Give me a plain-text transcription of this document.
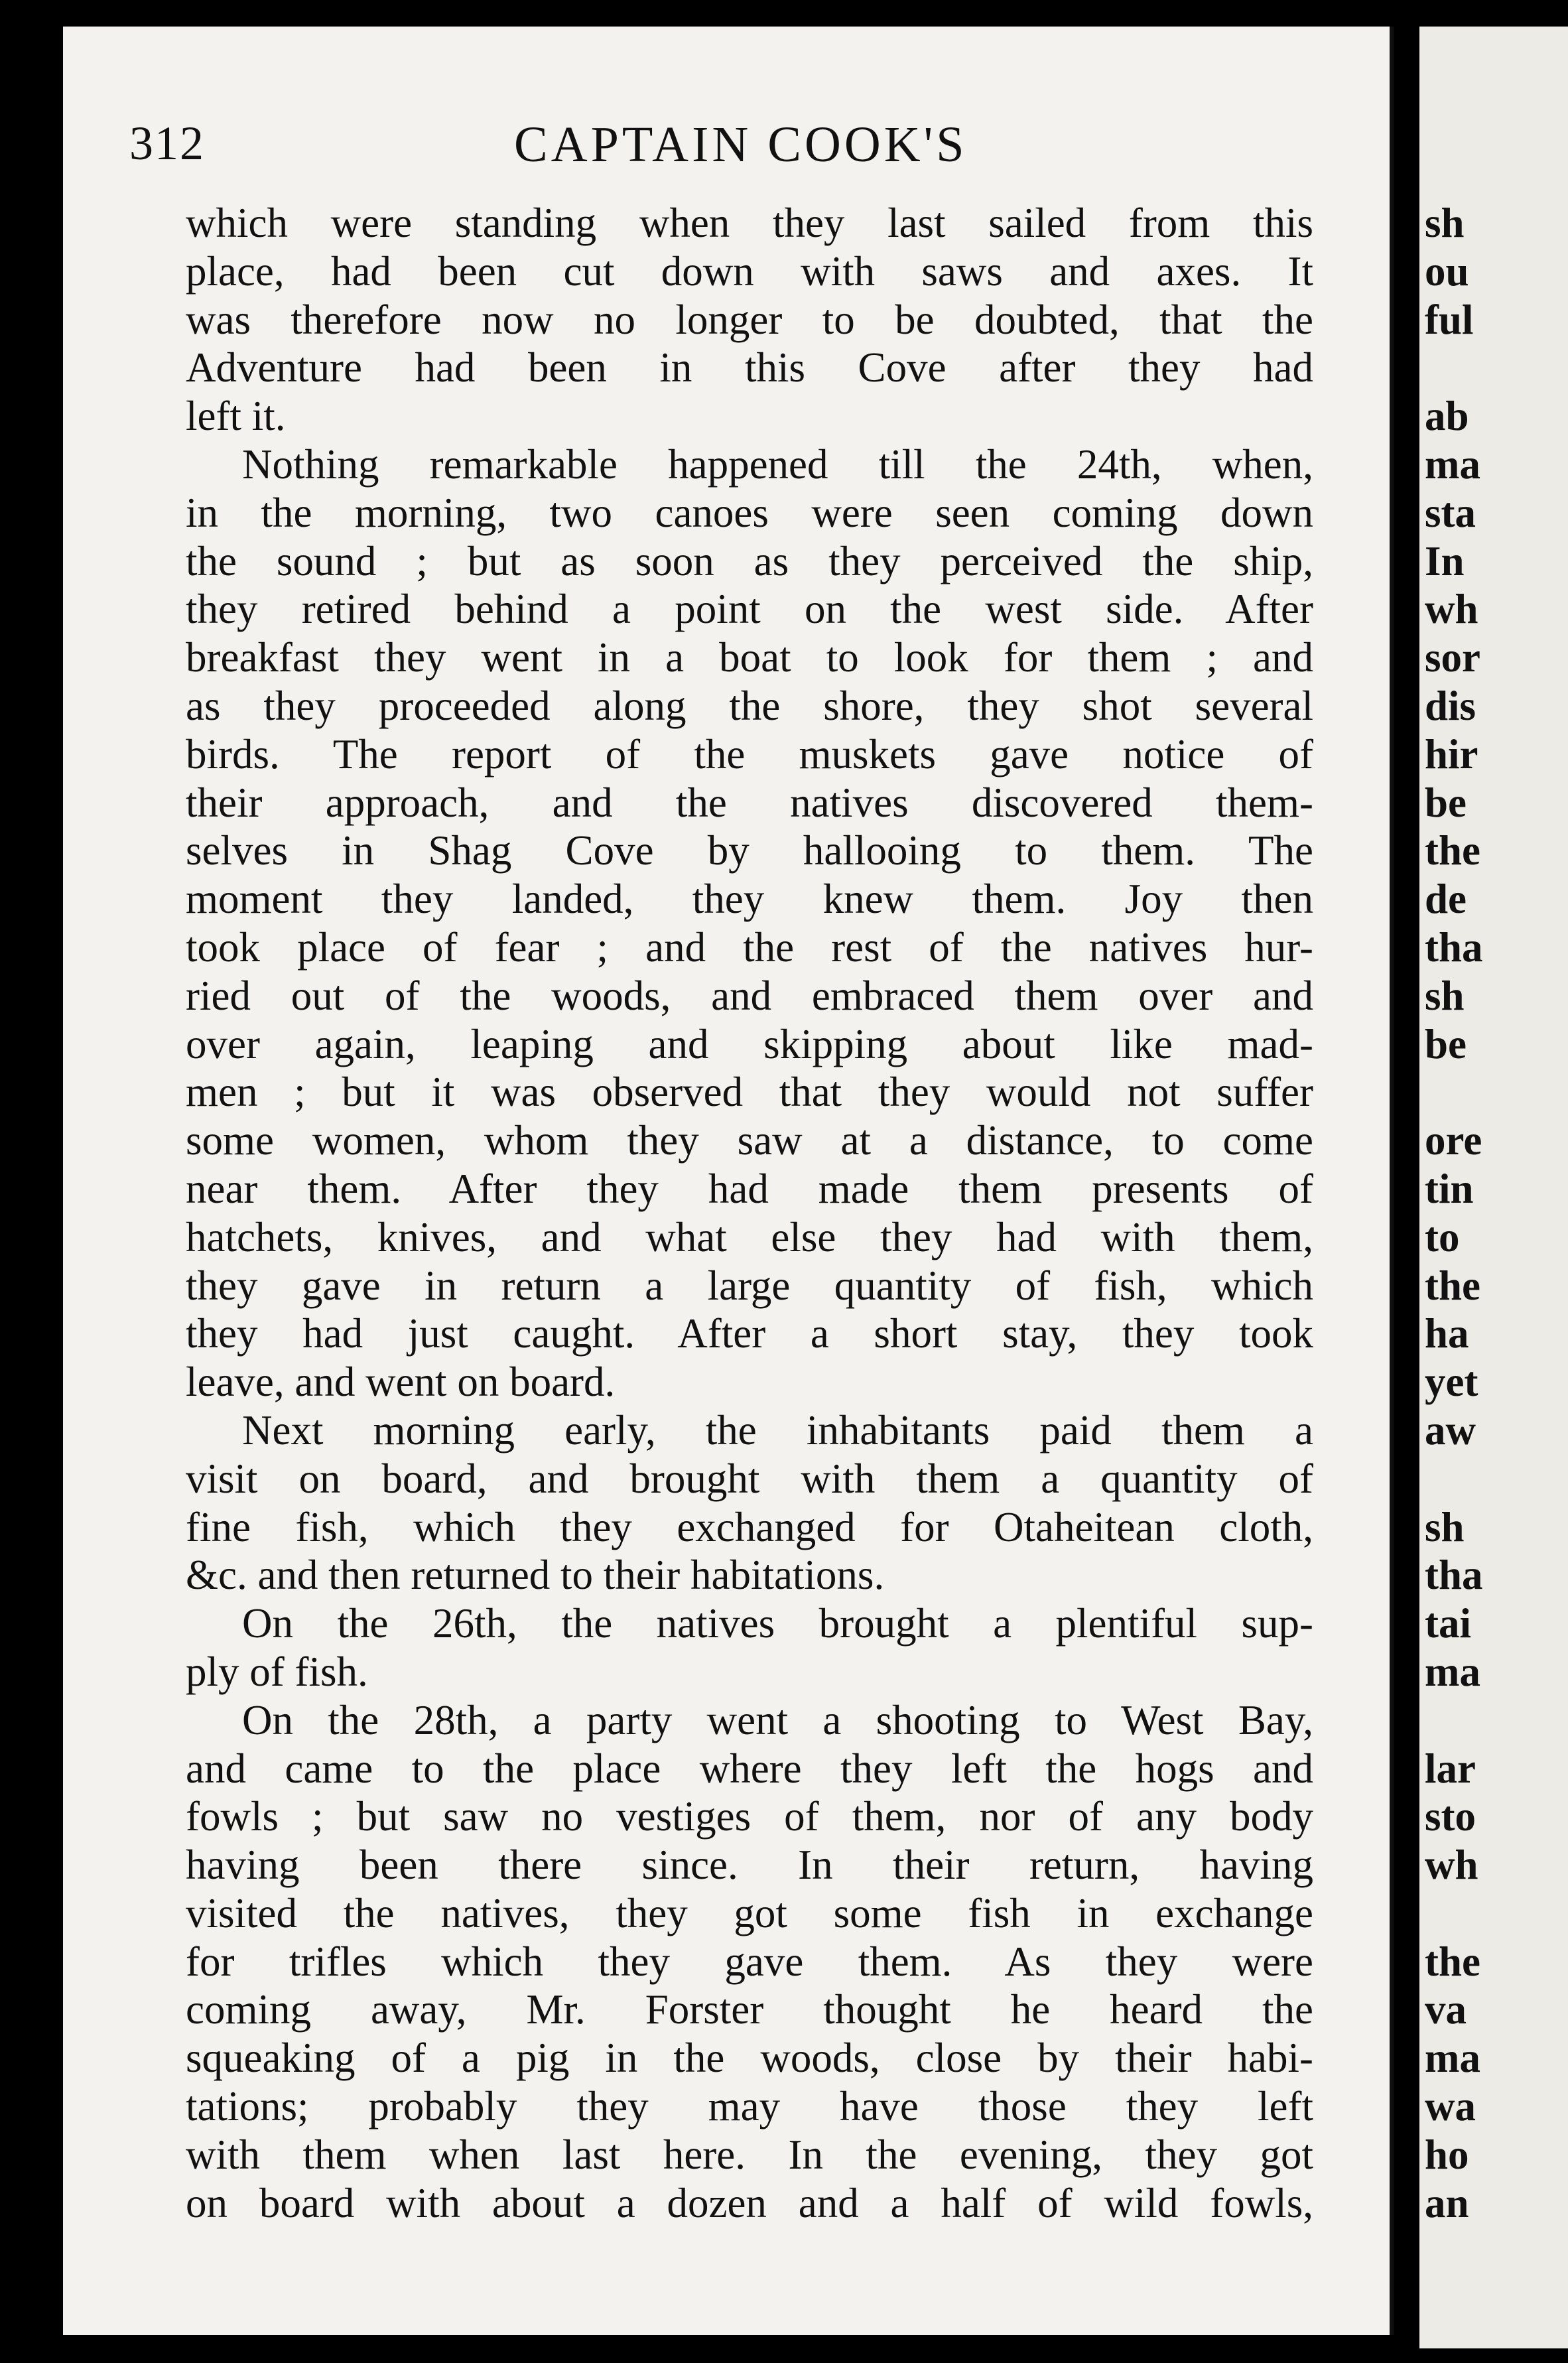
312	CAPTAIN COOK'S
which were standing when they last sailed from this
place, had been cut down with saws and axes. It
was therefore now no longer to be doubted, that the
Adventure had been in this Cove after they had
left it.
Nothing remarkable happened till the 24th, when,
in the morning, two canoes were seen coming down
the sound ; but as soon as they perceived the ship,
they retired behind a point on the west side. After
breakfast they went in a boat to look for them ; and
as they proceeded along the shore, they shot several
birds. The report of the muskets gave notice of
their approach, and the natives discovered them-
selves in Shag Cove by hallooing to them. The
moment they landed, they knew them. Joy then
took place of fear ; and the rest of the natives hur-
ried out of the woods, and embraced them over and
over again, leaping and skipping about like mad-
men ; but it was observed that they would not suffer
some women, whom they saw at a distance, to come
near them. After they had made them presents of
hatchets, knives, and what else they had with them,
they gave in return a large quantity of fish, which
they had just caught. After a short stay, they took
leave, and went on board.
Next morning early, the inhabitants paid them a
visit on board, and brought with them a quantity of
fine fish, which they exchanged for Otaheitean cloth,
&c. and then returned to their habitations.
On the 26th, the natives brought a plentiful sup-
ply of fish.
On the 28th, a party went a shooting to West Bay,
and came to the place where they left the hogs and
fowls ; but saw no vestiges of them, nor of any body
having been there since. In their return, having
visited the natives, they got some fish in exchange
for trifles which they gave them. As they were
coming away, Mr. Forster thought he heard the
squeaking of a pig in the woods, close by their habi-
tations; probably they may have those they left
with them when last here. In the evening, they got
on board with about a dozen and a half of wild fowls,
sh
ou
ful
ab
ma
sta
In
wh
sor
dis
hir
be
the
de
tha
sh
be
ore
tin
to
the
ha
yet
aw
sh
tha
tai
ma
lar
sto
wh
the
va
ma
wa
ho
an
